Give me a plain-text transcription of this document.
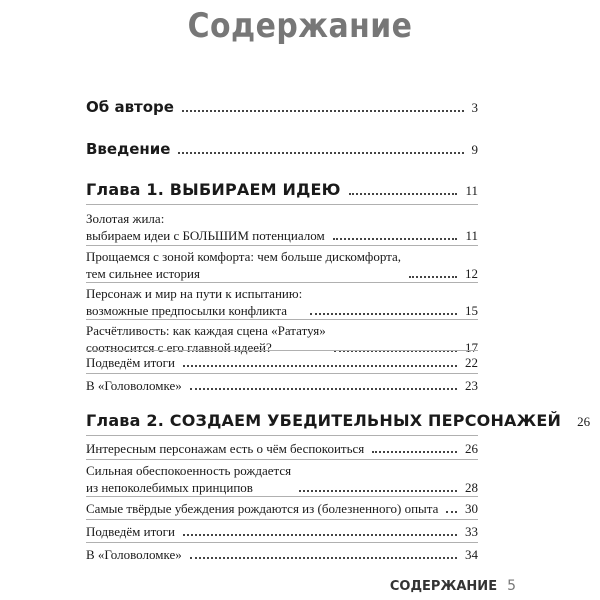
Содержание
Об авторе	3
Введение	9
Глава 1. ВЫБИРАЕМ ИДЕЮ	11
Золотая жила:
выбираем идеи с БОЛЬШИМ потенциалом	11
Прощаемся с зоной комфорта: чем больше дискомфорта,
тем сильнее история	12
Персонаж и мир на пути к испытанию:
возможные предпосылки конфликта	15
Расчётливость: как каждая сцена «Рататуя»
соотносится с его главной идеей?	17
Подведём итоги	22
В «Головоломке»	23
Глава 2. СОЗДАЕМ УБЕДИТЕЛЬНЫХ ПЕРСОНАЖЕЙ 26
Интересным персонажам есть о чём беспокоиться	26
Сильная обеспокоенность рождается
из непоколебимых принципов	28
Самые твёрдые убеждения рождаются из (болезненного) опыта 30
Подведём итоги	33
В «Головоломке»	34
СОДЕРЖАНИЕ 5
